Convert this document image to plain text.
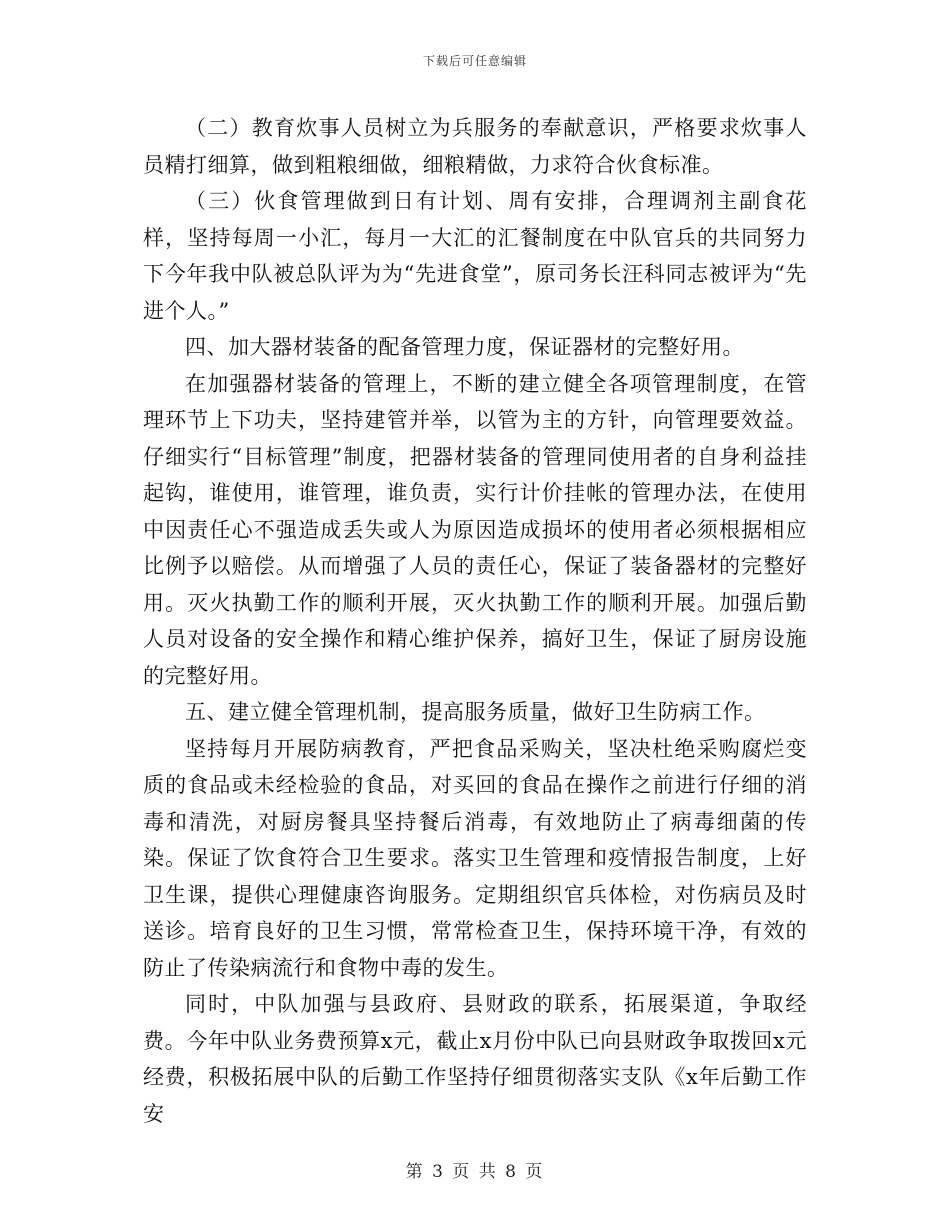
下载后可任意编辑

（二）教育炊事人员树立为兵服务的奉献意识，严格要求炊事人员精打细算，做到粗粮细做，细粮精做，力求符合伙食标准。

（三）伙食管理做到日有计划、周有安排，合理调剂主副食花样，坚持每周一小汇，每月一大汇的汇餐制度在中队官兵的共同努力下今年我中队被总队评为为“先进食堂”，原司务长汪科同志被评为“先进个人。”

四、加大器材装备的配备管理力度，保证器材的完整好用。

在加强器材装备的管理上，不断的建立健全各项管理制度，在管理环节上下功夫，坚持建管并举，以管为主的方针，向管理要效益。仔细实行“目标管理”制度，把器材装备的管理同使用者的自身利益挂起钩，谁使用，谁管理，谁负责，实行计价挂帐的管理办法，在使用中因责任心不强造成丢失或人为原因造成损坏的使用者必须根据相应比例予以赔偿。从而增强了人员的责任心，保证了装备器材的完整好用。灭火执勤工作的顺利开展，灭火执勤工作的顺利开展。加强后勤人员对设备的安全操作和精心维护保养，搞好卫生，保证了厨房设施的完整好用。

五、建立健全管理机制，提高服务质量，做好卫生防病工作。

坚持每月开展防病教育，严把食品采购关，坚决杜绝采购腐烂变质的食品或未经检验的食品，对买回的食品在操作之前进行仔细的消毒和清洗，对厨房餐具坚持餐后消毒，有效地防止了病毒细菌的传染。保证了饮食符合卫生要求。落实卫生管理和疫情报告制度，上好卫生课，提供心理健康咨询服务。定期组织官兵体检，对伤病员及时送诊。培育良好的卫生习惯，常常检查卫生，保持环境干净，有效的防止了传染病流行和食物中毒的发生。

同时，中队加强与县政府、县财政的联系，拓展渠道，争取经费。今年中队业务费预算x元，截止x月份中队已向县财政争取拨回x元经费，积极拓展中队的后勤工作坚持仔细贯彻落实支队《x年后勤工作安

第 3 页 共 8 页
